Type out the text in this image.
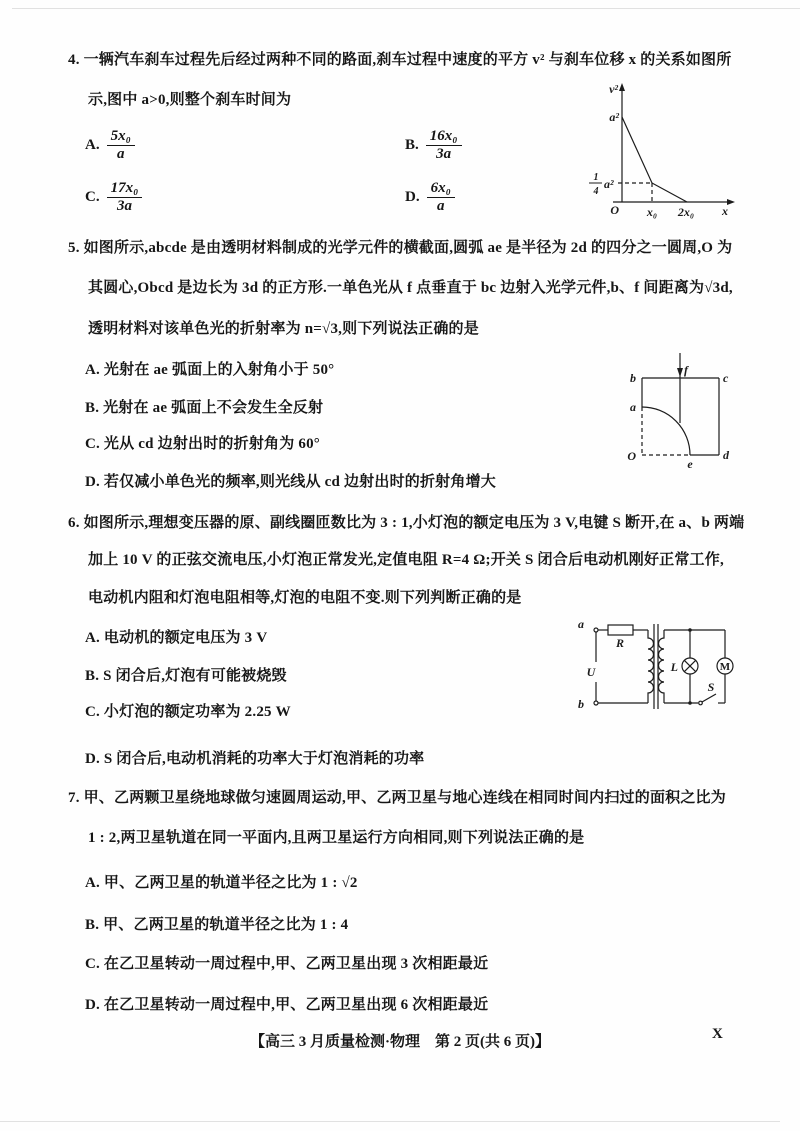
4. 一辆汽车刹车过程先后经过两种不同的路面,刹车过程中速度的平方 v² 与刹车位移 x 的关系如图所
示,图中 a>0,则整个刹车时间为
A. $\frac{\text{5x₀}}{a}$	B. $\frac{\text{16x₀}}{3a}$
C. $\frac{\text{17x₀}}{3a}$	D. $\frac{\text{6x₀}}{a}$
v²
a²
1
4
a²
O x₀ 2x₀ x
5. 如图所示,abcde 是由透明材料制成的光学元件的横截面,圆弧 ae 是半径为 2d 的四分之一圆周,O 为
其圆心,Obcd 是边长为 3d 的正方形.一单色光从 f 点垂直于 bc 边射入光学元件,b、f 间距离为√3d,
透明材料对该单色光的折射率为 n=√3,则下列说法正确的是
A. 光射在 ae 弧面上的入射角小于 50°
B. 光射在 ae 弧面上不会发生全反射
C. 光从 cd 边射出时的折射角为 60°
D. 若仅减小单色光的频率,则光线从 cd 边射出时的折射角增大
b	c
d
O
a
e
f
6. 如图所示,理想变压器的原、副线圈匝数比为 3 : 1,小灯泡的额定电压为 3 V,电键 S 断开,在 a、b 两端
加上 10 V 的正弦交流电压,小灯泡正常发光,定值电阻 R=4 Ω;开关 S 闭合后电动机刚好正常工作,
电动机内阻和灯泡电阻相等,灯泡的电阻不变.则下列判断正确的是
A. 电动机的额定电压为 3 V
B. S 闭合后,灯泡有可能被烧毁
C. 小灯泡的额定功率为 2.25 W
D. S 闭合后,电动机消耗的功率大于灯泡消耗的功率
U
a
b
R
M
L
S
7. 甲、乙两颗卫星绕地球做匀速圆周运动,甲、乙两卫星与地心连线在相同时间内扫过的面积之比为
1 : 2,两卫星轨道在同一平面内,且两卫星运行方向相同,则下列说法正确的是
A. 甲、乙两卫星的轨道半径之比为 1 : √2
B. 甲、乙两卫星的轨道半径之比为 1 : 4
C. 在乙卫星转动一周过程中,甲、乙两卫星出现 3 次相距最近
D. 在乙卫星转动一周过程中,甲、乙两卫星出现 6 次相距最近
【高三 3 月质量检测·物理　第 2 页(共 6 页)】	X
